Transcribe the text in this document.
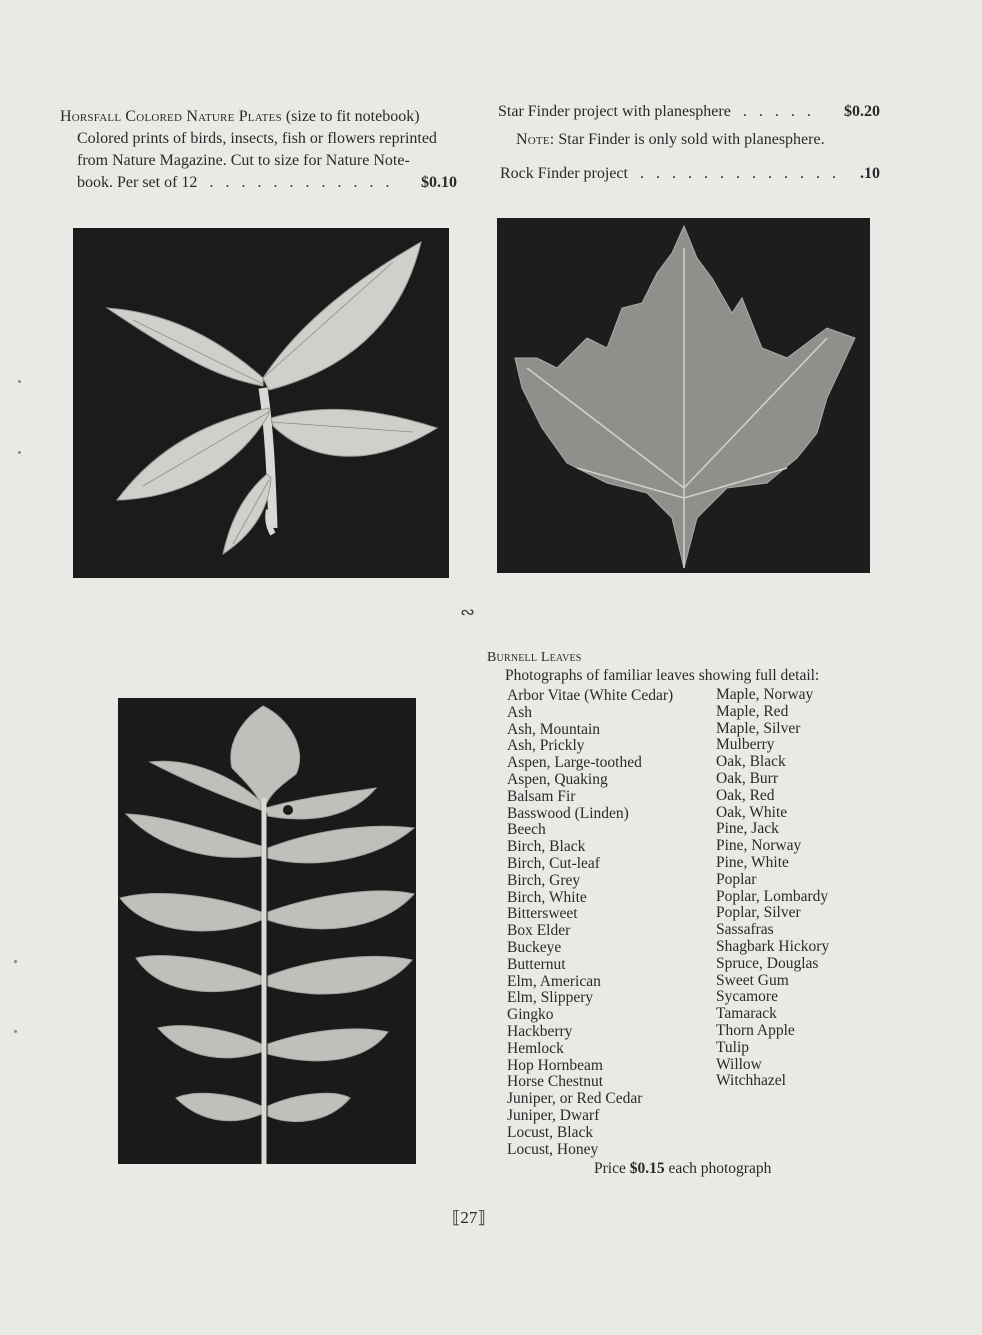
Horsfall Colored Nature Plates (size to fit notebook)
Colored prints of birds, insects, fish or flowers reprinted
from Nature Magazine. Cut to size for Nature Note-
book. Per set of 12 . . . . . . . . . . . . $0.10
Star Finder project with planesphere . . . . . $0.20
Note: Star Finder is only sold with planesphere.
Rock Finder project . . . . . . . . . . . . . .10
∾
Burnell Leaves
Photographs of familiar leaves showing full detail:
Arbor Vitae (White Cedar)
Ash
Ash, Mountain
Ash, Prickly
Aspen, Large-toothed
Aspen, Quaking
Balsam Fir
Basswood (Linden)
Beech
Birch, Black
Birch, Cut-leaf
Birch, Grey
Birch, White
Bittersweet
Box Elder
Buckeye
Butternut
Elm, American
Elm, Slippery
Gingko
Hackberry
Hemlock
Hop Hornbeam
Horse Chestnut
Juniper, or Red Cedar
Juniper, Dwarf
Locust, Black
Locust, Honey
Maple, Norway
Maple, Red
Maple, Silver
Mulberry
Oak, Black
Oak, Burr
Oak, Red
Oak, White
Pine, Jack
Pine, Norway
Pine, White
Poplar
Poplar, Lombardy
Poplar, Silver
Sassafras
Shagbark Hickory
Spruce, Douglas
Sweet Gum
Sycamore
Tamarack
Thorn Apple
Tulip
Willow
Witchhazel
Price $0.15 each photograph
⟦27⟧
